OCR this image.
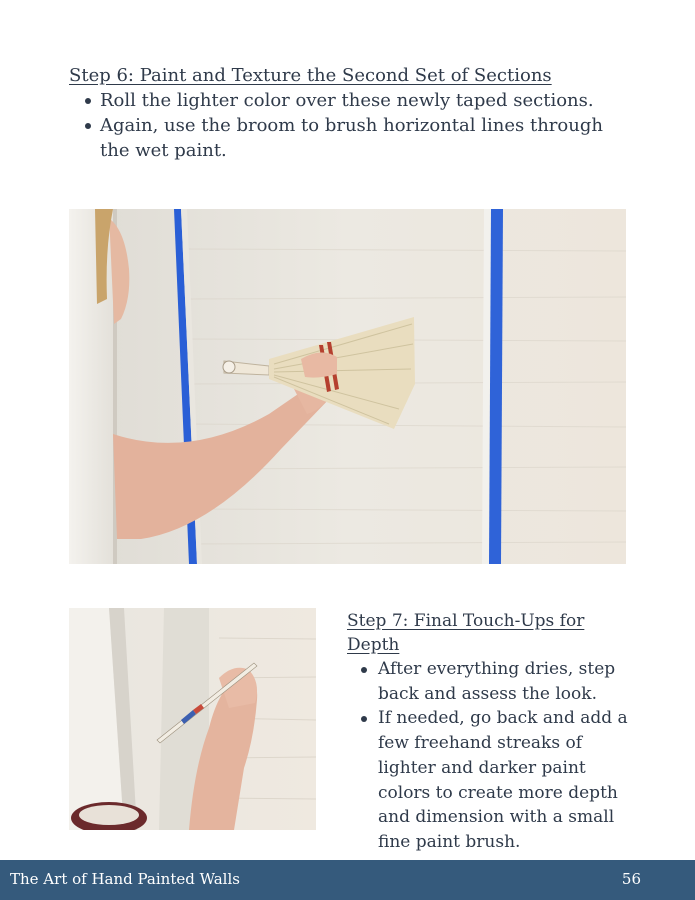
Step 6: Paint and Texture the Second Set of Sections
Roll the lighter color over these newly taped sections.
Again, use the broom to brush horizontal lines through the wet paint.
Step 7: Final Touch-Ups for Depth
After everything dries, step back and assess the look.
If needed, go back and add a few freehand streaks of lighter and darker paint colors to create more depth and dimension with a small fine paint brush.
The Art of Hand Painted Walls	56
